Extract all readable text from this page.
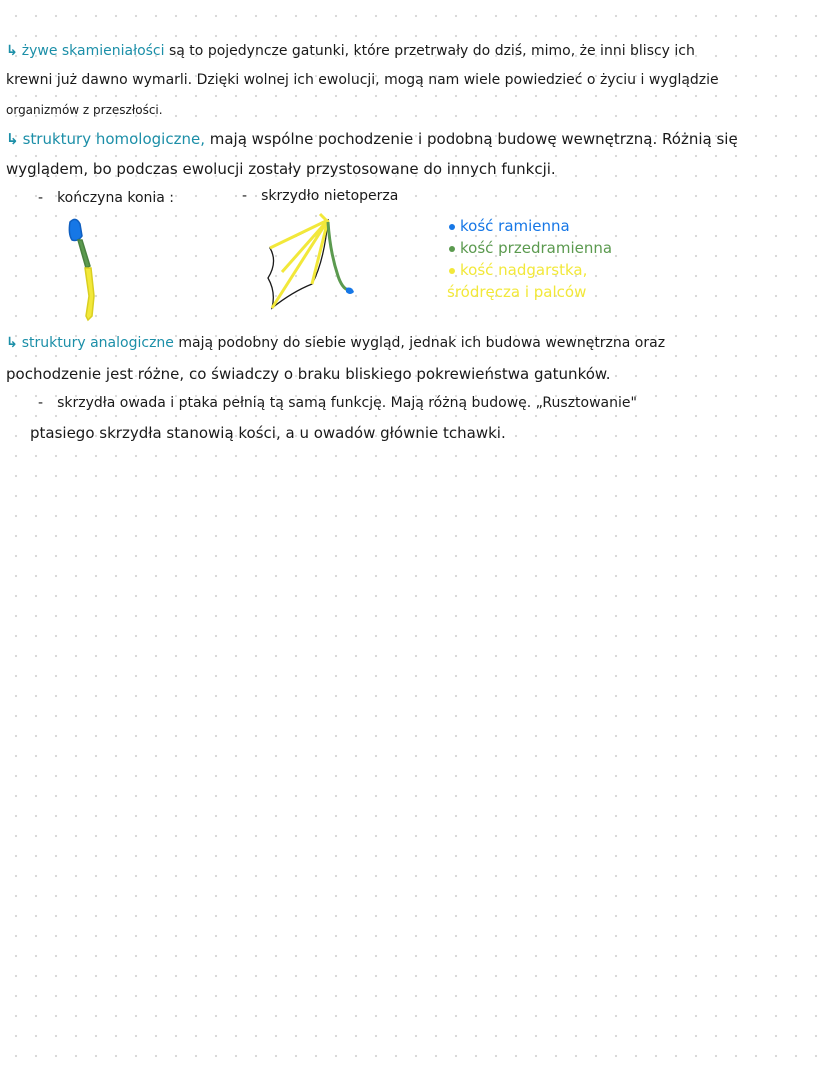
↳ żywe skamieniałości są to pojedyncze gatunki, które przetrwały do dziś, mimo, że inni bliscy ich
krewni już dawno wymarli. Dzięki wolnej ich ewolucji, mogą nam wiele powiedzieć o życiu i wyglądzie
organizmów z przeszłości.
↳ struktury homologiczne, mają wspólne pochodzenie i podobną budowę wewnętrzną. Różnią się
wyglądem, bo podczas ewolucji zostały przystosowane do innych funkcji.
- kończyna konia :	- skrzydło nietoperza
kość ramienna
kość przedramienna
kość nadgarstka,
śródręcza i palców
↳ struktury analogiczne mają podobny do siebie wygląd, jednak ich budowa wewnętrzna oraz
pochodzenie jest różne, co świadczy o braku bliskiego pokrewieństwa gatunków.
- skrzydła owada i ptaka pełnią tą samą funkcję. Mają różną budowę. „Rusztowanie"
ptasiego skrzydła stanowią kości, a u owadów głównie tchawki.
